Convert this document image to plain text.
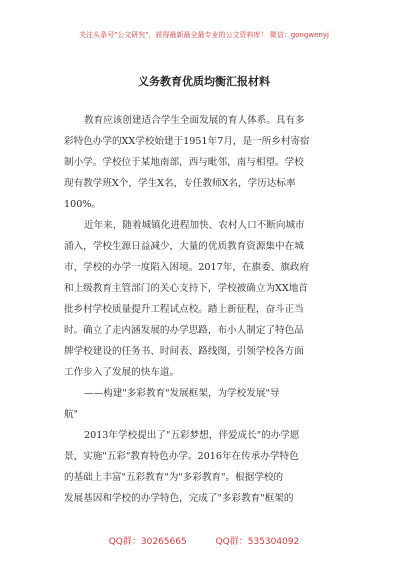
关注头条号"公文研究"，获得最新最全最专业的公文资料库！ 微信：gongwenyj
义务教育优质均衡汇报材料
教育应该创建适合学生全面发展的育人体系。具有多
彩特色办学的XX学校始建于1951年7月，是一所乡村寄宿
制小学。学校位于某地南部，西与毗邻，南与相望。学校
现有教学班X个，学生X名，专任教师X名，学历达标率
100%。
近年来，随着城镇化进程加快、农村人口不断向城市
涌入，学校生源日益减少，大量的优质教育资源集中在城
市，学校的办学一度陷入困境。2017年，在旗委、旗政府
和上级教育主管部门的关心支持下，学校被确立为XX地首
批乡村学校质量提升工程试点校。踏上新征程，奋斗正当
时。确立了走内涵发展的办学思路，布小人制定了特色品
牌学校建设的任务书、时间表、路线图，引领学校各方面
工作步入了发展的快车道。
——构建"多彩教育"发展框架，为学校发展"导
航"
2013年学校提出了"五彩梦想，伴爱成长"的办学愿
景，实施"五彩"教育特色办学。2016年在传承办学特色
的基础上丰富"五彩教育"为"多彩教育"。根据学校的
发展基因和学校的办学特色，完成了"多彩教育"框架的
QQ群：30265665	QQ群：535304092
